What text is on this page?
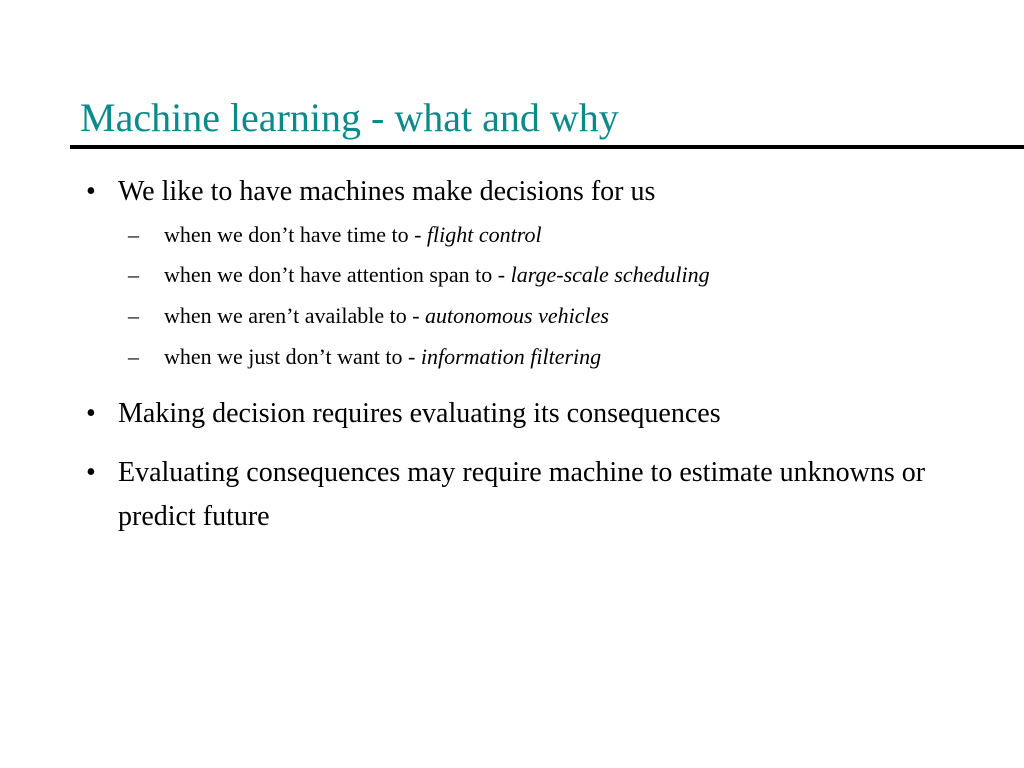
Machine learning - what and why
• We like to have machines make decisions for us
– when we don’t have time to - flight control
– when we don’t have attention span to - large-scale scheduling
– when we aren’t available to - autonomous vehicles
– when we just don’t want to - information filtering
• Making decision requires evaluating its consequences
• Evaluating consequences may require machine to estimate unknowns or predict future
